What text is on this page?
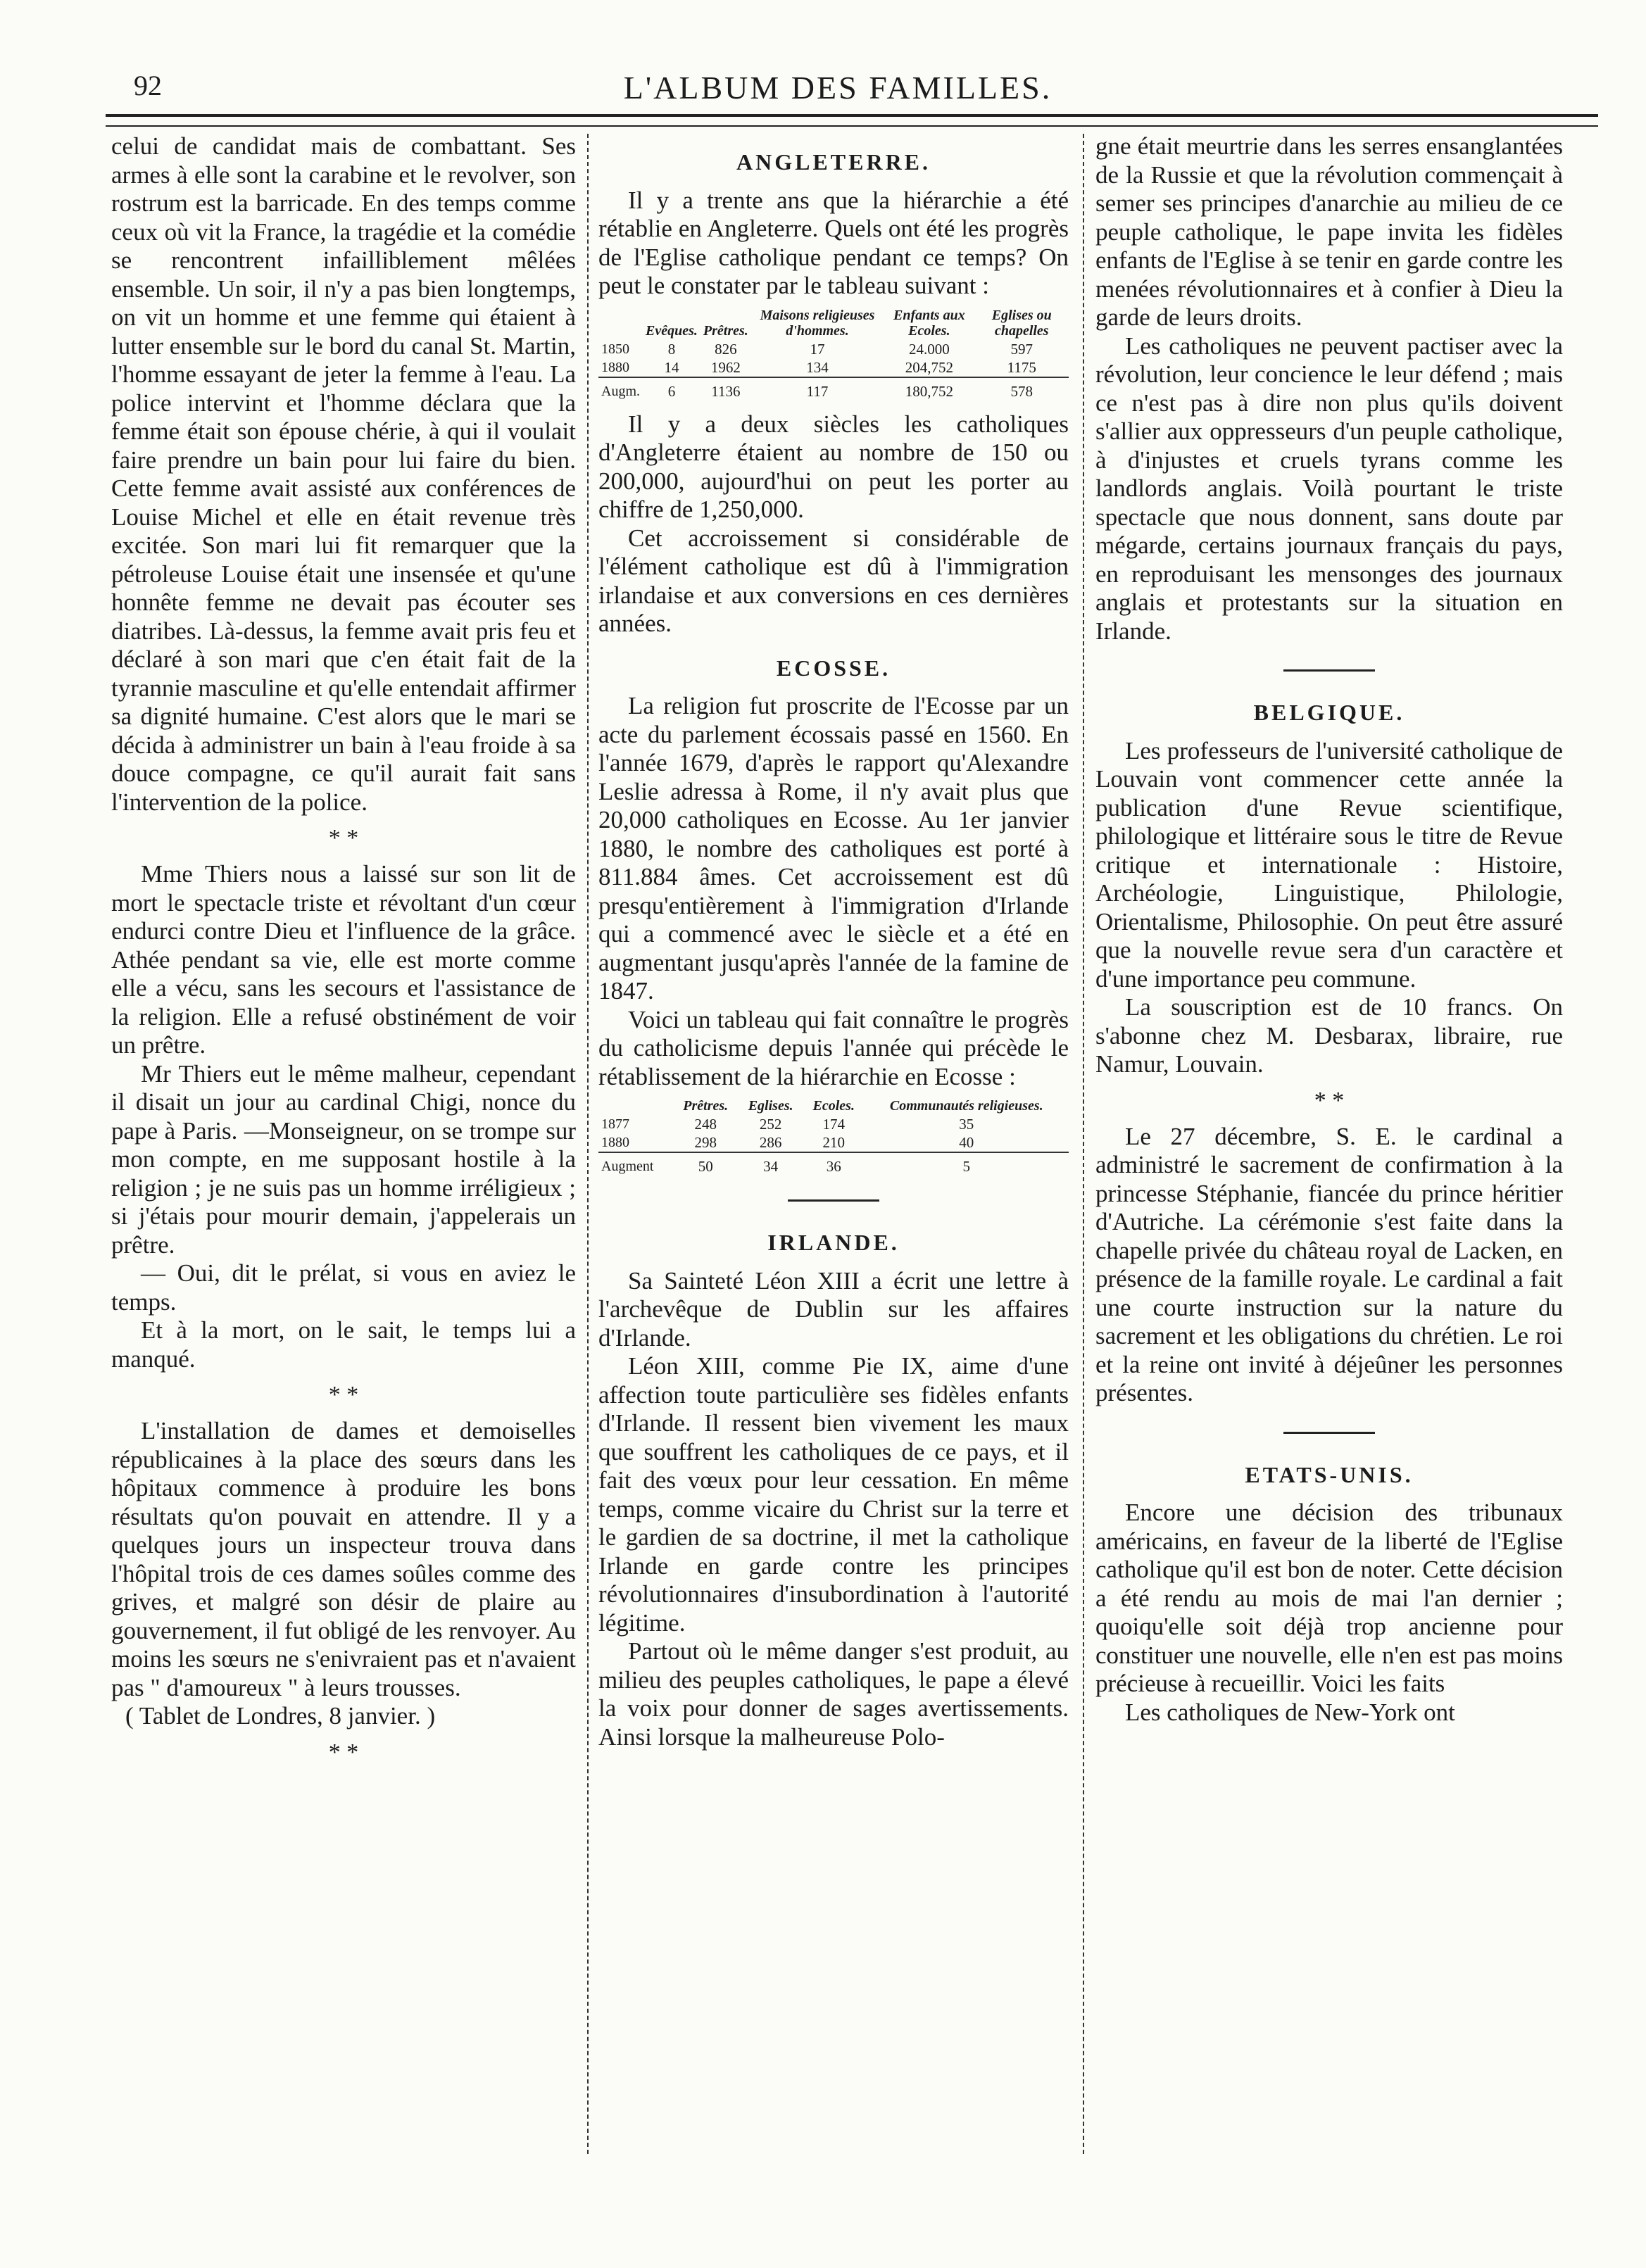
92	L'ALBUM DES FAMILLES.

celui de candidat mais de combattant. Ses armes à elle sont la carabine et le revolver, son rostrum est la barricade. En des temps comme ceux où vit la France, la tragédie et la comédie se rencontrent infailliblement mêlées ensemble. Un soir, il n'y a pas bien longtemps, on vit un homme et une femme qui étaient à lutter ensemble sur le bord du canal St. Martin, l'homme essayant de jeter la femme à l'eau. La police intervint et l'homme déclara que la femme était son épouse chérie, à qui il voulait faire prendre un bain pour lui faire du bien. Cette femme avait assisté aux conférences de Louise Michel et elle en était revenue très excitée. Son mari lui fit remarquer que la pétroleuse Louise était une insensée et qu'une honnête femme ne devait pas écouter ses diatribes. Là-dessus, la femme avait pris feu et déclaré à son mari que c'en était fait de la tyrannie masculine et qu'elle entendait affirmer sa dignité humaine. C'est alors que le mari se décida à administrer un bain à l'eau froide à sa douce compagne, ce qu'il aurait fait sans l'intervention de la police.

* *

Mme Thiers nous a laissé sur son lit de mort le spectacle triste et révoltant d'un cœur endurci contre Dieu et l'influence de la grâce. Athée pendant sa vie, elle est morte comme elle a vécu, sans les secours et l'assistance de la religion. Elle a refusé obstinément de voir un prêtre.

Mr Thiers eut le même malheur, cependant il disait un jour au cardinal Chigi, nonce du pape à Paris. —Monseigneur, on se trompe sur mon compte, en me supposant hostile à la religion ; je ne suis pas un homme irréligieux ; si j'étais pour mourir demain, j'appelerais un prêtre.

— Oui, dit le prélat, si vous en aviez le temps.

Et à la mort, on le sait, le temps lui a manqué.

* *

L'installation de dames et demoiselles républicaines à la place des sœurs dans les hôpitaux commence à produire les bons résultats qu'on pouvait en attendre. Il y a quelques jours un inspecteur trouva dans l'hôpital trois de ces dames soûles comme des grives, et malgré son désir de plaire au gouvernement, il fut obligé de les renvoyer. Au moins les sœurs ne s'enivraient pas et n'avaient pas " d'amoureux " à leurs trousses.

( Tablet de Londres, 8 janvier. )

* *
ANGLETERRE.

Il y a trente ans que la hiérarchie a été rétablie en Angleterre. Quels ont été les progrès de l'Eglise catholique pendant ce temps? On peut le constater par le tableau suivant :

	Evêques.	Prêtres.	Maisons religieuses d'hommes.	Enfants aux Ecoles.	Eglises ou chapelles
1850	8	826	17	24.000	597
1880	14	1962	134	204,752	1175
Augm.	6	1136	117	180,752	578

Il y a deux siècles les catholiques d'Angleterre étaient au nombre de 150 ou 200,000, aujourd'hui on peut les porter au chiffre de 1,250,000.

Cet accroissement si considérable de l'élément catholique est dû à l'immigration irlandaise et aux conversions en ces dernières années.

ECOSSE.

La religion fut proscrite de l'Ecosse par un acte du parlement écossais passé en 1560. En l'année 1679, d'après le rapport qu'Alexandre Leslie adressa à Rome, il n'y avait plus que 20,000 catholiques en Ecosse. Au 1er janvier 1880, le nombre des catholiques est porté à 811.884 âmes. Cet accroissement est dû presqu'entièrement à l'immigration d'Irlande qui a commencé avec le siècle et a été en augmentant jusqu'après l'année de la famine de 1847.

Voici un tableau qui fait connaître le progrès du catholicisme depuis l'année qui précède le rétablissement de la hiérarchie en Ecosse :

	Prêtres.	Eglises.	Ecoles.	Communautés religieuses.
1877	248	252	174	35
1880	298	286	210	40
Augment	50	34	36	5
IRLANDE.

Sa Sainteté Léon XIII a écrit une lettre à l'archevêque de Dublin sur les affaires d'Irlande.

Léon XIII, comme Pie IX, aime d'une affection toute particulière ses fidèles enfants d'Irlande. Il ressent bien vivement les maux que souffrent les catholiques de ce pays, et il fait des vœux pour leur cessation. En même temps, comme vicaire du Christ sur la terre et le gardien de sa doctrine, il met la catholique Irlande en garde contre les principes révolutionnaires d'insubordination à l'autorité légitime.

Partout où le même danger s'est produit, au milieu des peuples catholiques, le pape a élevé la voix pour donner de sages avertissements. Ainsi lorsque la malheureuse Polo-

gne était meurtrie dans les serres ensanglantées de la Russie et que la révolution commençait à semer ses principes d'anarchie au milieu de ce peuple catholique, le pape invita les fidèles enfants de l'Eglise à se tenir en garde contre les menées révolutionnaires et à confier à Dieu la garde de leurs droits.

Les catholiques ne peuvent pactiser avec la révolution, leur concience le leur défend ; mais ce n'est pas à dire non plus qu'ils doivent s'allier aux oppresseurs d'un peuple catholique, à d'injustes et cruels tyrans comme les landlords anglais. Voilà pourtant le triste spectacle que nous donnent, sans doute par mégarde, certains journaux français du pays, en reproduisant les mensonges des journaux anglais et protestants sur la situation en Irlande.

BELGIQUE.

Les professeurs de l'université catholique de Louvain vont commencer cette année la publication d'une Revue scientifique, philologique et littéraire sous le titre de Revue critique et internationale : Histoire, Archéologie, Linguistique, Philologie, Orientalisme, Philosophie. On peut être assuré que la nouvelle revue sera d'un caractère et d'une importance peu commune.

La souscription est de 10 francs. On s'abonne chez M. Desbarax, libraire, rue Namur, Louvain.

* *

Le 27 décembre, S. E. le cardinal a administré le sacrement de confirmation à la princesse Stéphanie, fiancée du prince héritier d'Autriche. La cérémonie s'est faite dans la chapelle privée du château royal de Lacken, en présence de la famille royale. Le cardinal a fait une courte instruction sur la nature du sacrement et les obligations du chrétien. Le roi et la reine ont invité à déjeûner les personnes présentes.

ETATS-UNIS.

Encore une décision des tribunaux américains, en faveur de la liberté de l'Eglise catholique qu'il est bon de noter. Cette décision a été rendu au mois de mai l'an dernier ; quoiqu'elle soit déjà trop ancienne pour constituer une nouvelle, elle n'en est pas moins précieuse à recueillir. Voici les faits

Les catholiques de New-York ont
